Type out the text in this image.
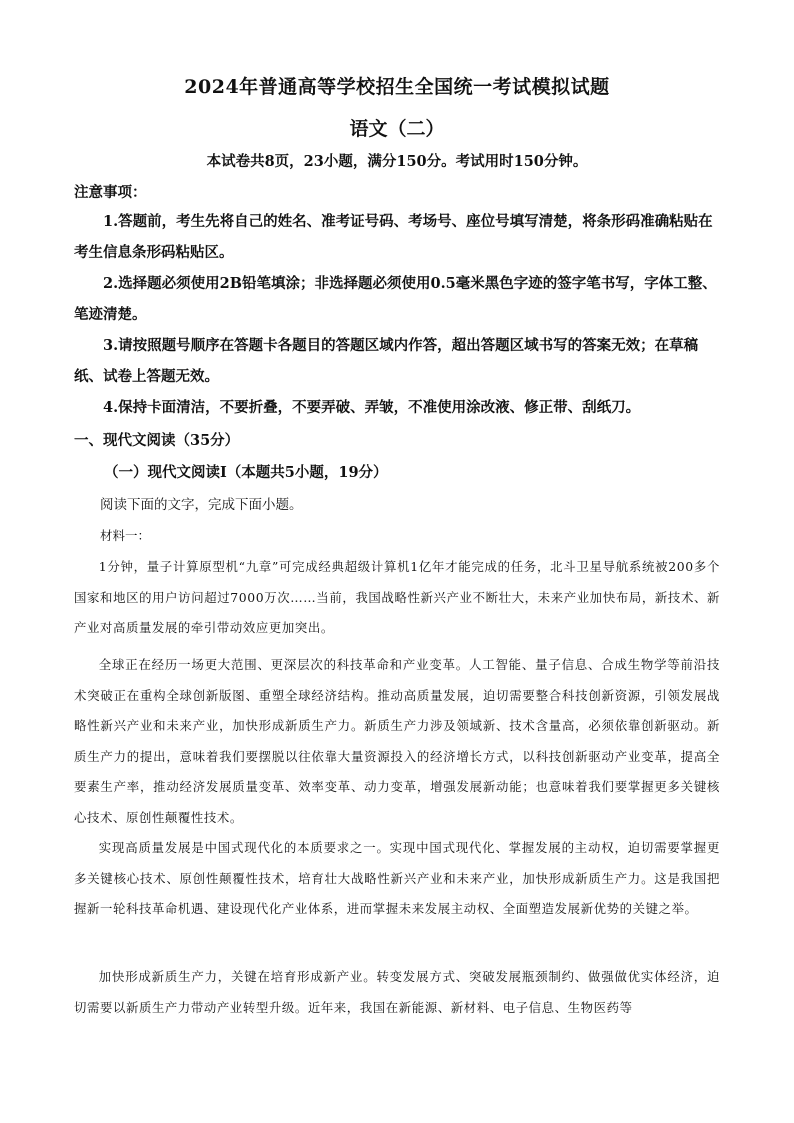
2024年普通高等学校招生全国统一考试模拟试题
语文（二）
本试卷共8页，23小题，满分150分。考试用时150分钟。
注意事项：

1.答题前，考生先将自己的姓名、准考证号码、考场号、座位号填写清楚，将条形码准确粘贴在考生信息条形码粘贴区。

2.选择题必须使用2B铅笔填涂；非选择题必须使用0.5毫米黑色字迹的签字笔书写，字体工整、笔迹清楚。

3.请按照题号顺序在答题卡各题目的答题区域内作答，超出答题区域书写的答案无效；在草稿纸、试卷上答题无效。

4.保持卡面清洁，不要折叠，不要弄破、弄皱，不准使用涂改液、修正带、刮纸刀。

一、现代文阅读（35分）
（一）现代文阅读Ⅰ（本题共5小题，19分）
阅读下面的文字，完成下面小题。
材料一：

1分钟，量子计算原型机“九章”可完成经典超级计算机1亿年才能完成的任务，北斗卫星导航系统被200多个国家和地区的用户访问超过7000万次……当前，我国战略性新兴产业不断壮大，未来产业加快布局，新技术、新产业对高质量发展的牵引带动效应更加突出。

全球正在经历一场更大范围、更深层次的科技革命和产业变革。人工智能、量子信息、合成生物学等前沿技术突破正在重构全球创新版图、重塑全球经济结构。推动高质量发展，迫切需要整合科技创新资源，引领发展战略性新兴产业和未来产业，加快形成新质生产力。新质生产力涉及领域新、技术含量高，必须依靠创新驱动。新质生产力的提出，意味着我们要摆脱以往依靠大量资源投入的经济增长方式，以科技创新驱动产业变革，提高全要素生产率，推动经济发展质量变革、效率变革、动力变革，增强发展新动能；也意味着我们要掌握更多关键核心技术、原创性颠覆性技术。

实现高质量发展是中国式现代化的本质要求之一。实现中国式现代化、掌握发展的主动权，迫切需要掌握更多关键核心技术、原创性颠覆性技术，培育壮大战略性新兴产业和未来产业，加快形成新质生产力。这是我国把握新一轮科技革命机遇、建设现代化产业体系，进而掌握未来发展主动权、全面塑造发展新优势的关键之举。

加快形成新质生产力，关键在培育形成新产业。转变发展方式、突破发展瓶颈制约、做强做优实体经济，迫切需要以新质生产力带动产业转型升级。近年来，我国在新能源、新材料、电子信息、生物医药等
